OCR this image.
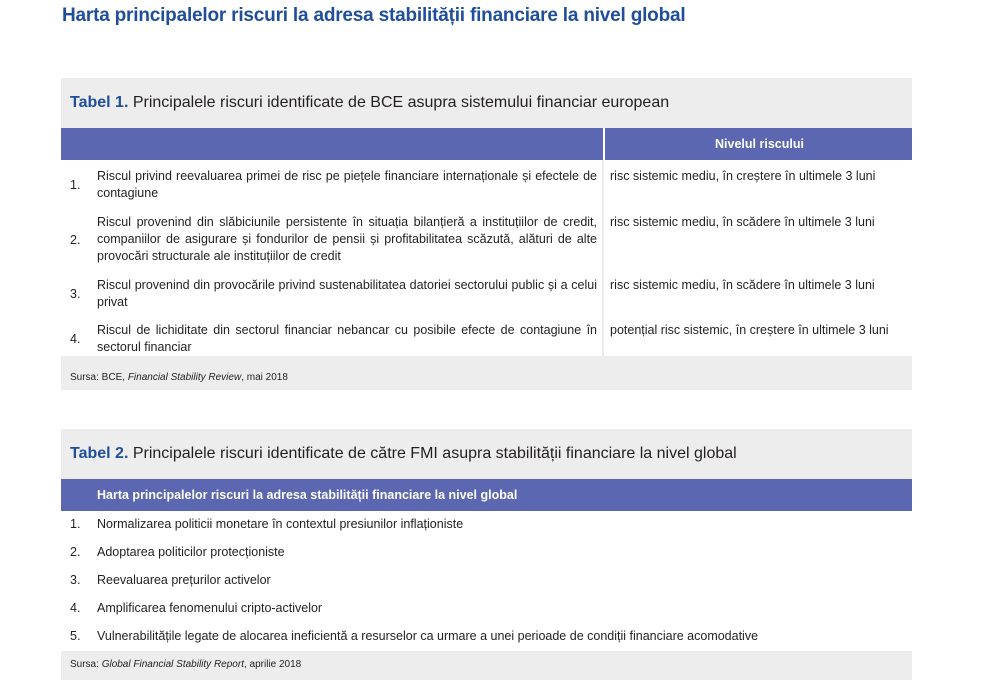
Harta principalelor riscuri la adresa stabilității financiare la nivel global
Tabel 1. Principalele riscuri identificate de BCE asupra sistemului financiar european
Nivelul riscului
1.
Riscul privind reevaluarea primei de risc pe piețele financiare internaționale și efectele de contagiune
risc sistemic mediu, în creștere în ultimele 3 luni
2.
Riscul provenind din slăbiciunile persistente în situația bilanțieră a instituțiilor de credit, companiilor de asigurare și fondurilor de pensii și profitabilitatea scăzută, alături de alte provocări structurale ale instituțiilor de credit
risc sistemic mediu, în scădere în ultimele 3 luni
3.
Riscul provenind din provocările privind sustenabilitatea datoriei sectorului public și a celui privat
risc sistemic mediu, în scădere în ultimele 3 luni
4.
Riscul de lichiditate din sectorul financiar nebancar cu posibile efecte de contagiune în sectorul financiar
potențial risc sistemic, în creștere în ultimele 3 luni
Sursa: BCE, Financial Stability Review, mai 2018
Tabel 2. Principalele riscuri identificate de către FMI asupra stabilității financiare la nivel global
Harta principalelor riscuri la adresa stabilității financiare la nivel global
1. Normalizarea politicii monetare în contextul presiunilor inflaționiste
2. Adoptarea politicilor protecționiste
3. Reevaluarea prețurilor activelor
4. Amplificarea fenomenului cripto-activelor
5. Vulnerabilitățile legate de alocarea ineficientă a resurselor ca urmare a unei perioade de condiții financiare acomodative
Sursa: Global Financial Stability Report, aprilie 2018
